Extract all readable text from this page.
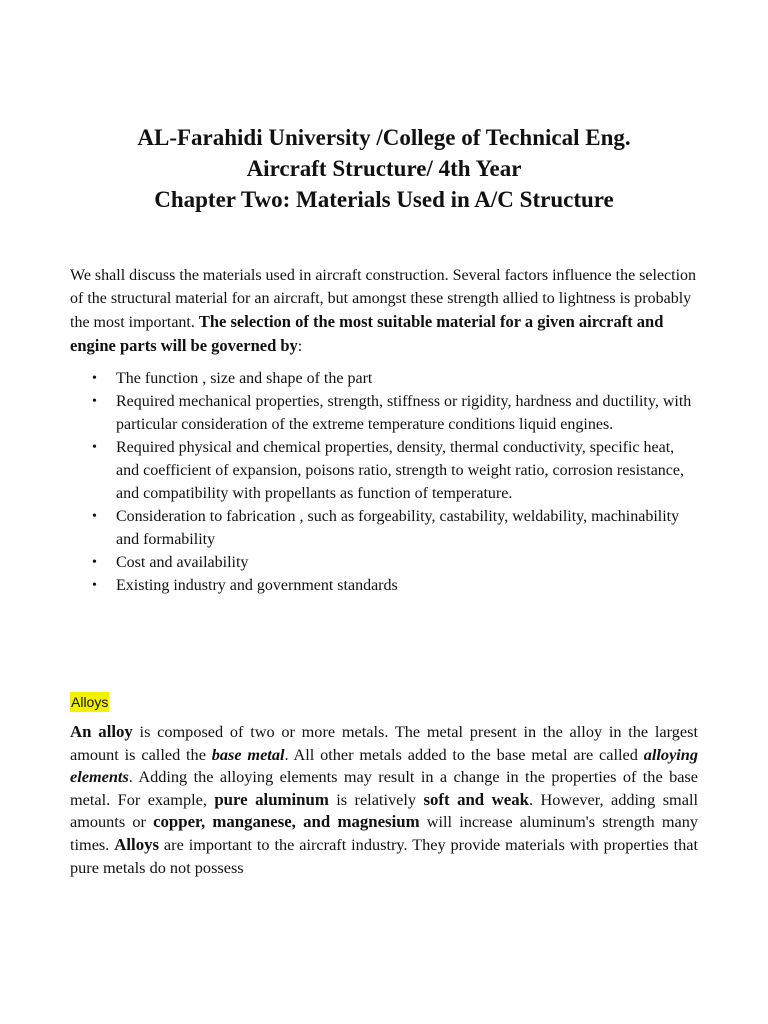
AL-Farahidi University /College of Technical Eng.

Aircraft Structure/ 4th Year

Chapter Two: Materials Used in A/C Structure

We shall discuss the materials used in aircraft construction. Several factors influence the selection of the structural material for an aircraft, but amongst these strength allied to lightness is probably the most important. The selection of the most suitable material for a given aircraft and engine parts will be governed by:

• The function , size and shape of the part
• Required mechanical properties, strength, stiffness or rigidity, hardness and ductility, with particular consideration of the extreme temperature conditions liquid engines.
• Required physical and chemical properties, density, thermal conductivity, specific heat, and coefficient of expansion, poisons ratio, strength to weight ratio, corrosion resistance, and compatibility with propellants as function of temperature.
• Consideration to fabrication , such as forgeability, castability, weldability, machinability and formability
• Cost and availability
• Existing industry and government standards
Alloys

An alloy is composed of two or more metals. The metal present in the alloy in the largest amount is called the base metal. All other metals added to the base metal are called alloying elements. Adding the alloying elements may result in a change in the properties of the base metal. For example, pure aluminum is relatively soft and weak. However, adding small amounts or copper, manganese, and magnesium will increase aluminum's strength many times. Alloys are important to the aircraft industry. They provide materials with properties that pure metals do not possess
